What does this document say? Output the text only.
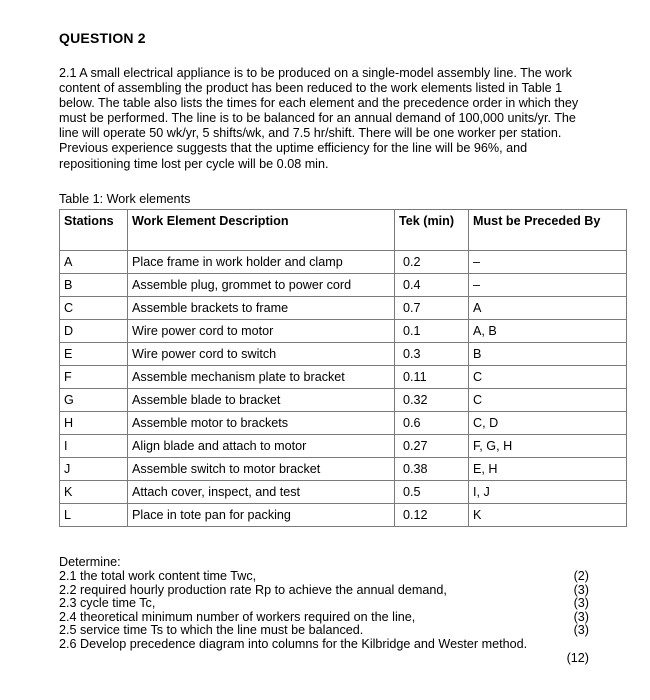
QUESTION 2
2.1 A small electrical appliance is to be produced on a single-model assembly line. The work content of assembling the product has been reduced to the work elements listed in Table 1 below. The table also lists the times for each element and the precedence order in which they must be performed. The line is to be balanced for an annual demand of 100,000 units/yr. The line will operate 50 wk/yr, 5 shifts/wk, and 7.5 hr/shift. There will be one worker per station. Previous experience suggests that the uptime efficiency for the line will be 96%, and repositioning time lost per cycle will be 0.08 min.
Table 1: Work elements
Stations	Work Element Description	Tek (min)	Must be Preceded By
A	Place frame in work holder and clamp	0.2	–
B	Assemble plug, grommet to power cord	0.4	–
C	Assemble brackets to frame	0.7	A
D	Wire power cord to motor	0.1	A, B
E	Wire power cord to switch	0.3	B
F	Assemble mechanism plate to bracket	0.11	C
G	Assemble blade to bracket	0.32	C
H	Assemble motor to brackets	0.6	C, D
I	Align blade and attach to motor	0.27	F, G, H
J	Assemble switch to motor bracket	0.38	E, H
K	Attach cover, inspect, and test	0.5	I, J
L	Place in tote pan for packing	0.12	K
Determine:
2.1 the total work content time Twc,	(2)
2.2 required hourly production rate Rp to achieve the annual demand,	(3)
2.3 cycle time Tc,	(3)
2.4 theoretical minimum number of workers required on the line,	(3)
2.5 service time Ts to which the line must be balanced.	(3)
2.6 Develop precedence diagram into columns for the Kilbridge and Wester method.
(12)
